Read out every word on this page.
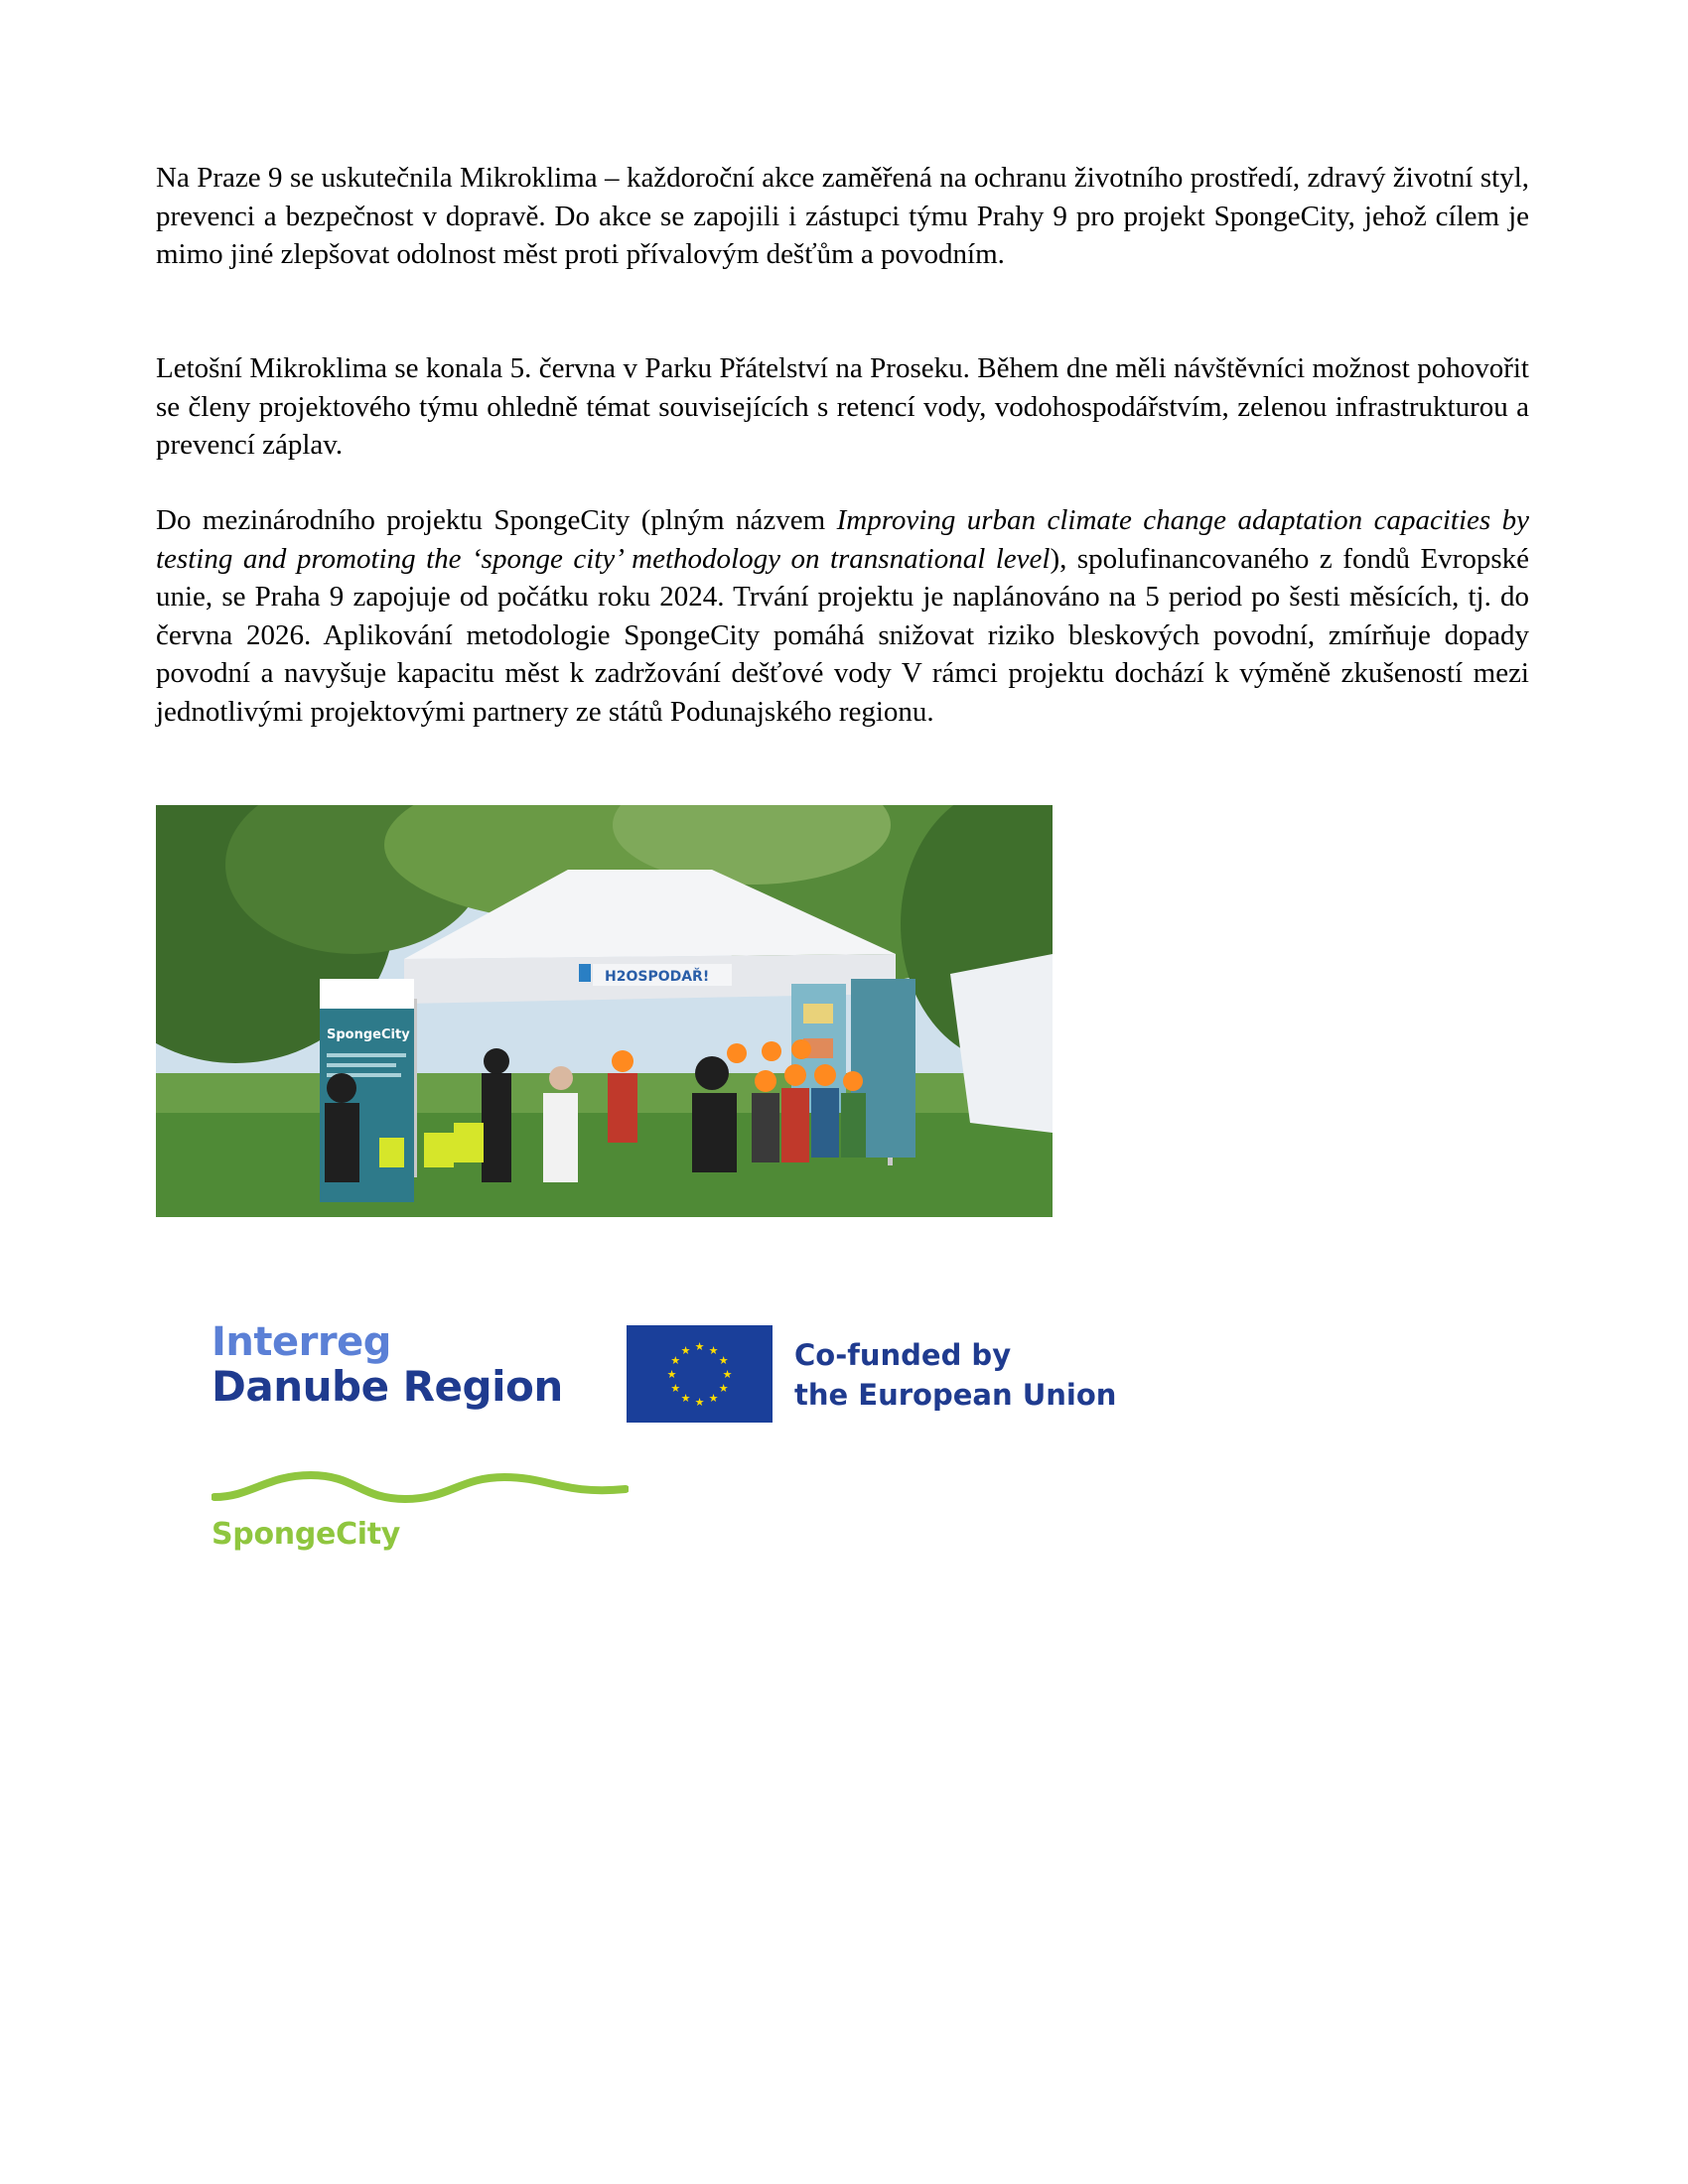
Na Praze 9 se uskutečnila Mikroklima – každoroční akce zaměřená na ochranu životního prostředí, zdravý životní styl, prevenci a bezpečnost v dopravě. Do akce se zapojili i zástupci týmu Prahy 9 pro projekt SpongeCity, jehož cílem je mimo jiné zlepšovat odolnost měst proti přívalovým dešťům a povodním.

Letošní Mikroklima se konala 5. června v Parku Přátelství na Proseku. Během dne měli návštěvníci možnost pohovořit se členy projektového týmu ohledně témat souvisejících s retencí vody, vodohospodářstvím, zelenou infrastrukturou a prevencí záplav.

Do mezinárodního projektu SpongeCity (plným názvem Improving urban climate change adaptation capacities by testing and promoting the ‘sponge city’ methodology on transnational level), spolufinancovaného z fondů Evropské unie, se Praha 9 zapojuje od počátku roku 2024. Trvání projektu je naplánováno na 5 period po šesti měsících, tj. do června 2026. Aplikování metodologie SpongeCity pomáhá snižovat riziko bleskových povodní, zmírňuje dopady povodní a navyšuje kapacitu měst k zadržování dešťové vody V rámci projektu dochází k výměně zkušeností mezi jednotlivými projektovými partnery ze států Podunajského regionu.

H2OSPODAŘ!
SpongeCity
Interreg
Danube Region
★ ★
★
★
★
★
★
★
★
★
★
★	Co-funded by
the European Union
SpongeCity
